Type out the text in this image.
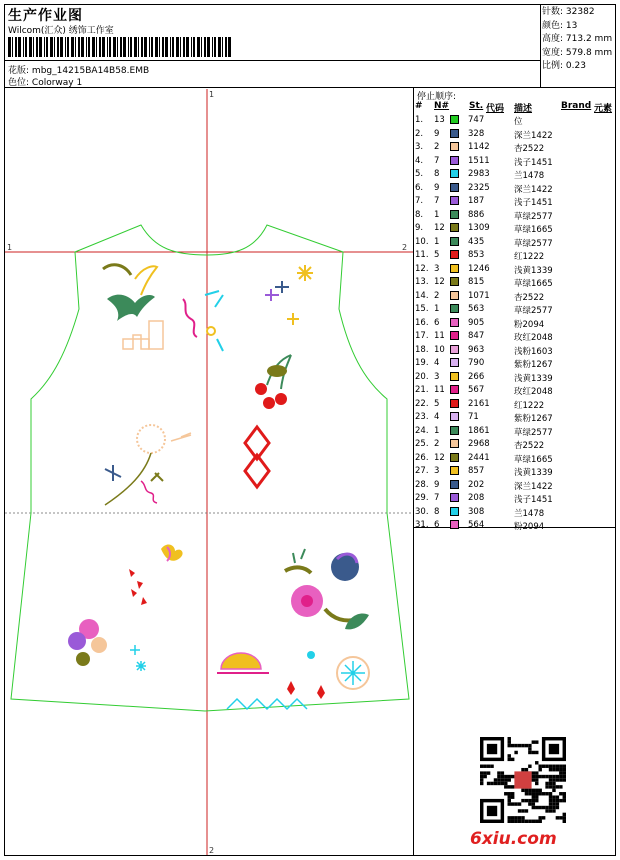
生产作业图
Wilcom(汇众) 绣饰工作室
花版: mbg_14215BA14B58.EMB
色位: Colorway 1
针数: 32382
颜色: 13
高度: 713.2 mm
宽度: 579.8 mm
比例: 0.23
停止顺序:
# N# St. 代码 描述	Brand 元素
1. 13	747	位
2. 9	328	深兰1422
3. 2	1142	杏2522
4. 7	1511	浅子1451
5. 8	2983	兰1478
6. 9	2325	深兰1422
7. 7	187	浅子1451
8. 1	886	草绿2577
9. 12	1309	草绿1665
10. 1	435	草绿2577
11. 5	853	红1222
12. 3	1246	浅黄1339
13. 12	815	草绿1665
14. 2	1071	杏2522
15. 1	563	草绿2577
16. 6	905	粉2094
17. 11	847	玫红2048
18. 10	963	浅粉1603
19. 4	790	紫粉1267
20. 3	266	浅黄1339
21. 11	567	玫红2048
22. 5	2161	红1222
23. 4	71	紫粉1267
24. 1	1861	草绿2577
25. 2	2968	杏2522
26. 12	2441	草绿1665
27. 3	857	浅黄1339
28. 9	202	深兰1422
29. 7	208	浅子1451
30. 8	308	兰1478
31. 6	564	粉2094
1	2
1
2
6xiu.com
